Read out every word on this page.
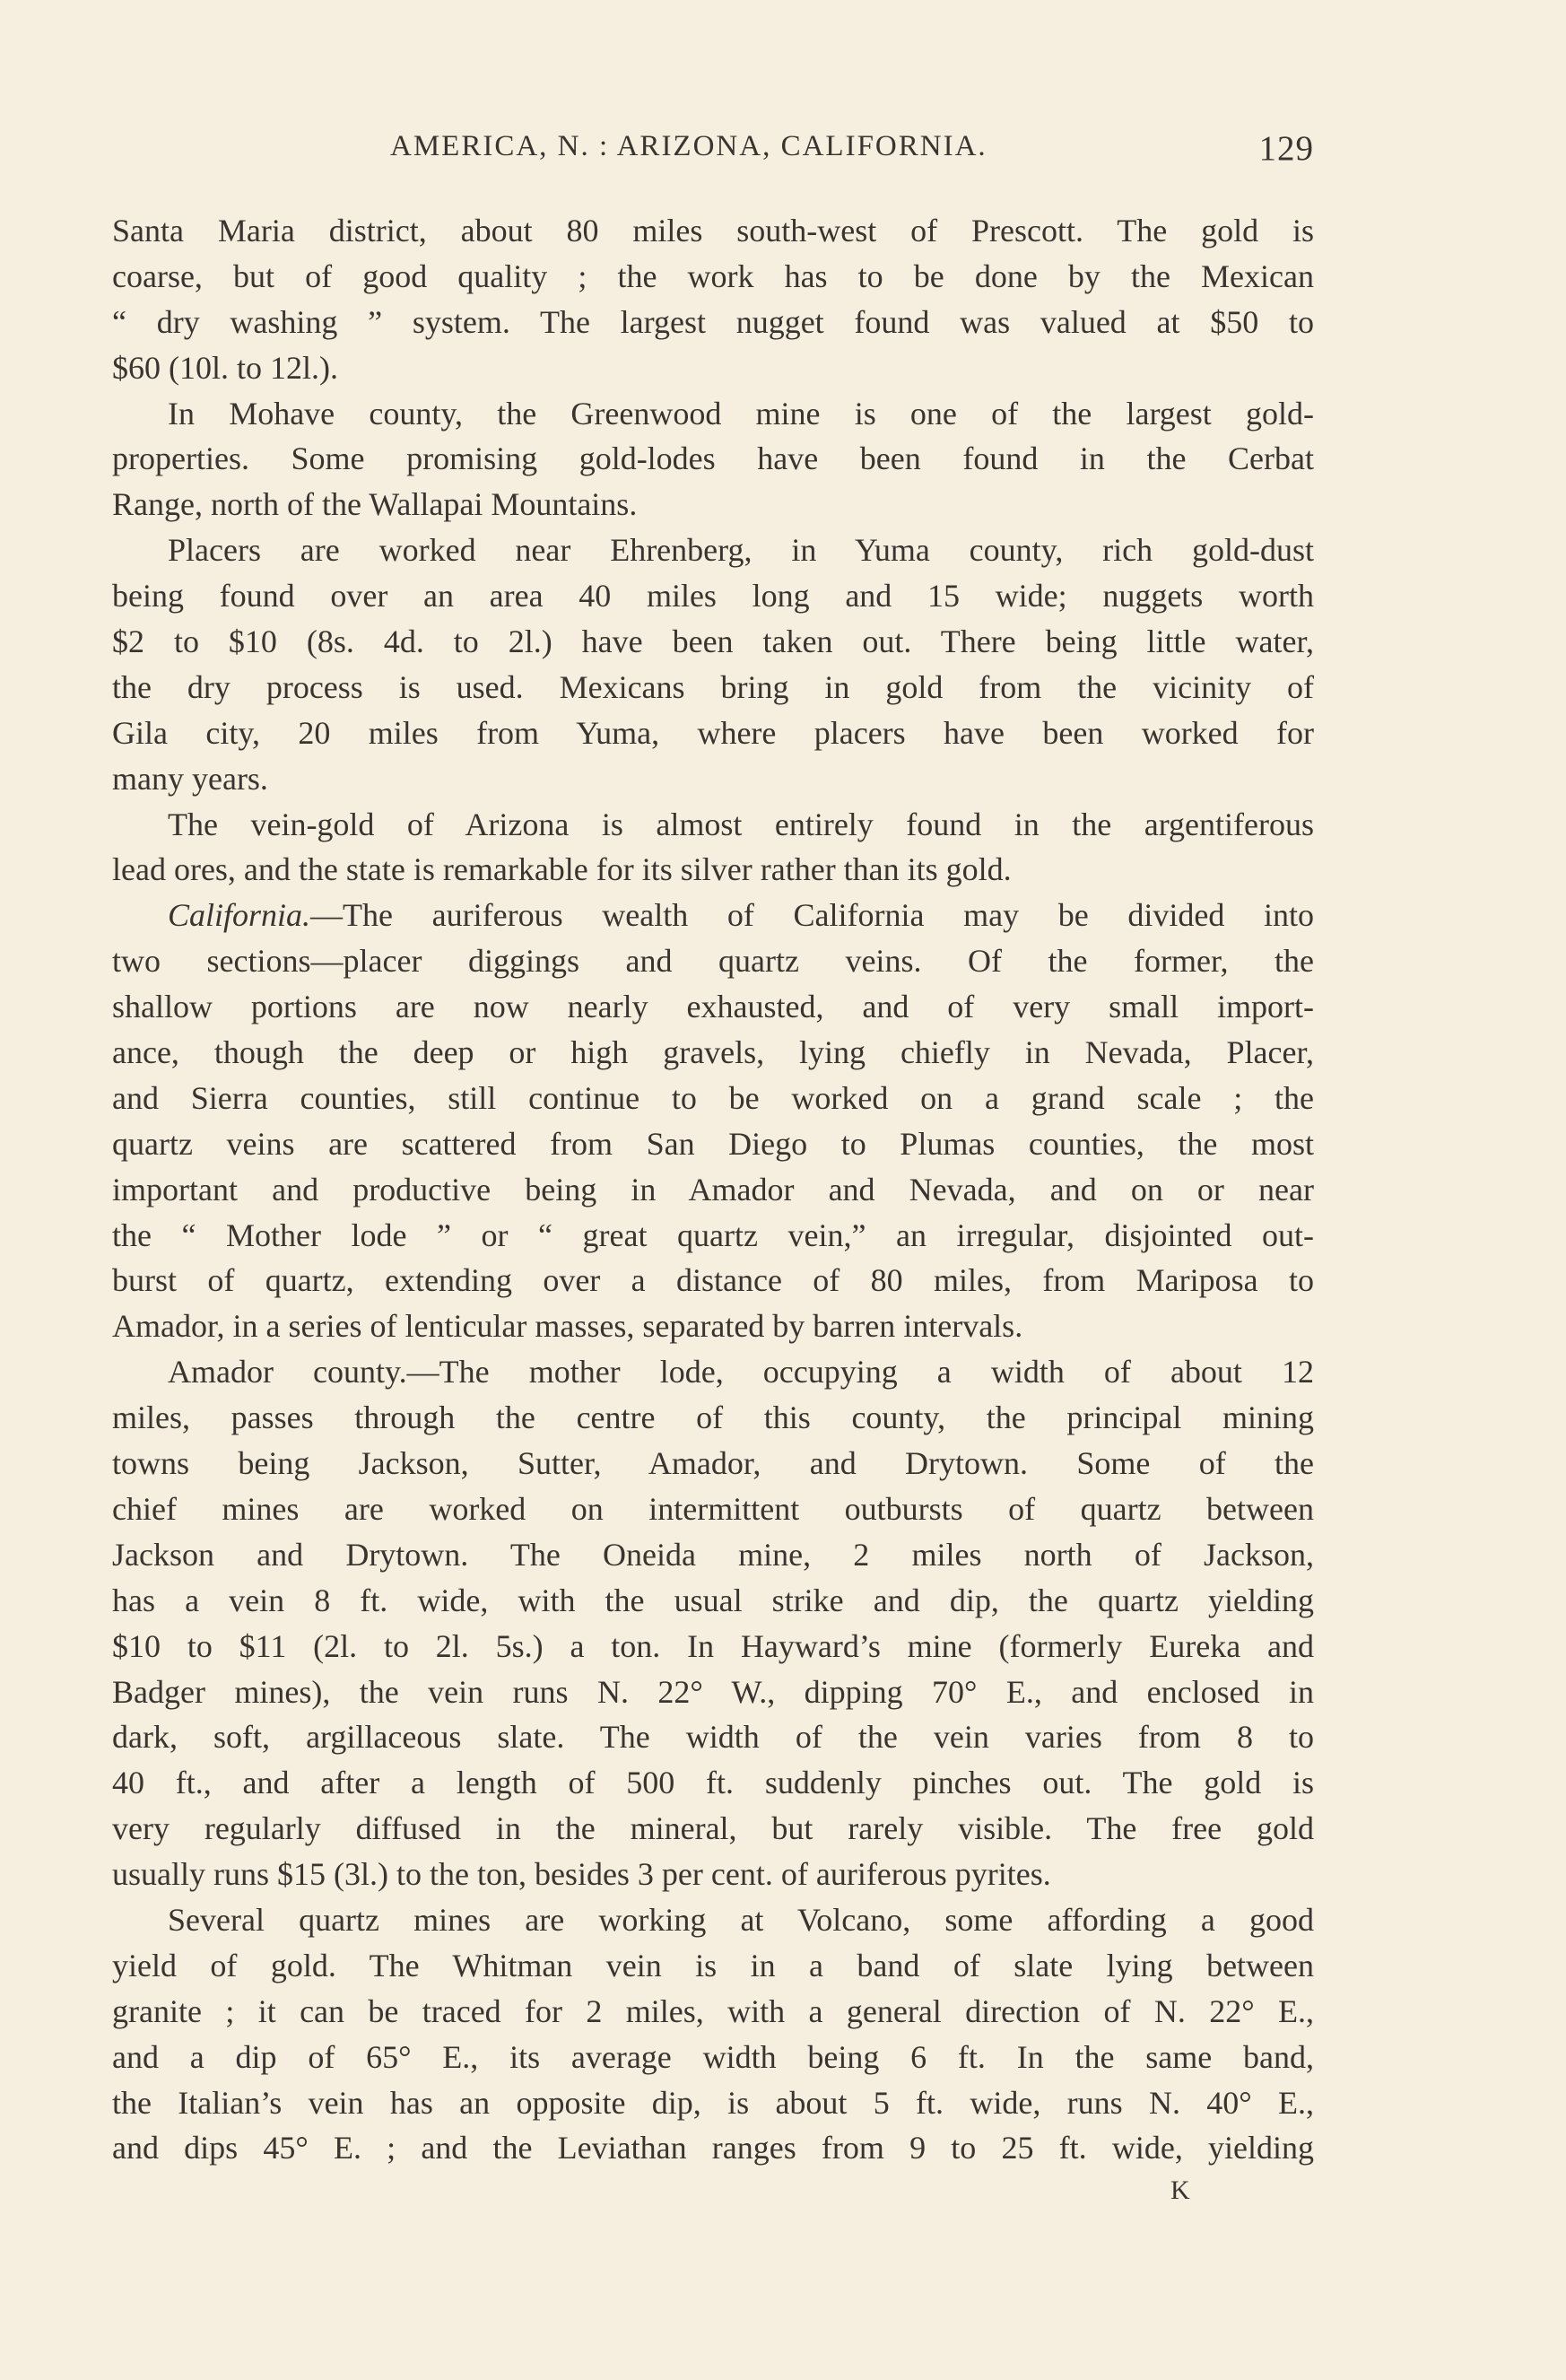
AMERICA, N. : ARIZONA, CALIFORNIA.	129
Santa Maria district, about 80 miles south-west of Prescott. The gold is
coarse, but of good quality ; the work has to be done by the Mexican
“ dry washing ” system. The largest nugget found was valued at $50 to
$60 (10l. to 12l.).
In Mohave county, the Greenwood mine is one of the largest gold-
properties. Some promising gold-lodes have been found in the Cerbat
Range, north of the Wallapai Mountains.
Placers are worked near Ehrenberg, in Yuma county, rich gold-dust
being found over an area 40 miles long and 15 wide; nuggets worth
$2 to $10 (8s. 4d. to 2l.) have been taken out. There being little water,
the dry process is used. Mexicans bring in gold from the vicinity of
Gila city, 20 miles from Yuma, where placers have been worked for
many years.
The vein-gold of Arizona is almost entirely found in the argentiferous
lead ores, and the state is remarkable for its silver rather than its gold.
California.—The auriferous wealth of California may be divided into
two sections—placer diggings and quartz veins. Of the former, the
shallow portions are now nearly exhausted, and of very small import-
ance, though the deep or high gravels, lying chiefly in Nevada, Placer,
and Sierra counties, still continue to be worked on a grand scale ; the
quartz veins are scattered from San Diego to Plumas counties, the most
important and productive being in Amador and Nevada, and on or near
the “ Mother lode ” or “ great quartz vein,” an irregular, disjointed out-
burst of quartz, extending over a distance of 80 miles, from Mariposa to
Amador, in a series of lenticular masses, separated by barren intervals.
Amador county.—The mother lode, occupying a width of about 12
miles, passes through the centre of this county, the principal mining
towns being Jackson, Sutter, Amador, and Drytown. Some of the
chief mines are worked on intermittent outbursts of quartz between
Jackson and Drytown. The Oneida mine, 2 miles north of Jackson,
has a vein 8 ft. wide, with the usual strike and dip, the quartz yielding
$10 to $11 (2l. to 2l. 5s.) a ton. In Hayward’s mine (formerly Eureka and
Badger mines), the vein runs N. 22° W., dipping 70° E., and enclosed in
dark, soft, argillaceous slate. The width of the vein varies from 8 to
40 ft., and after a length of 500 ft. suddenly pinches out. The gold is
very regularly diffused in the mineral, but rarely visible. The free gold
usually runs $15 (3l.) to the ton, besides 3 per cent. of auriferous pyrites.
Several quartz mines are working at Volcano, some affording a good
yield of gold. The Whitman vein is in a band of slate lying between
granite ; it can be traced for 2 miles, with a general direction of N. 22° E.,
and a dip of 65° E., its average width being 6 ft. In the same band,
the Italian’s vein has an opposite dip, is about 5 ft. wide, runs N. 40° E.,
and dips 45° E. ; and the Leviathan ranges from 9 to 25 ft. wide, yielding
K
